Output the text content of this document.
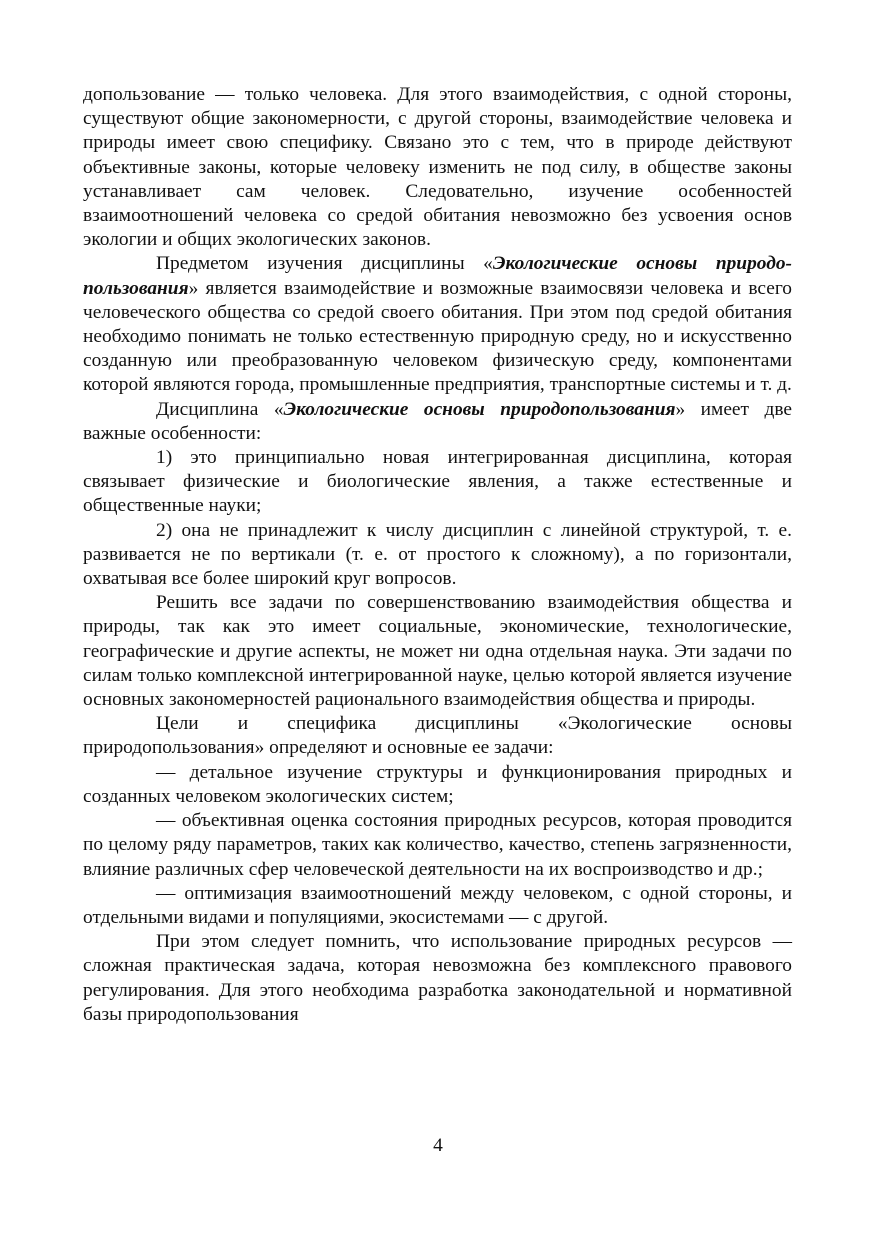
допользование — только человека. Для этого взаимодействия, с одной стороны, существуют общие закономерности, с другой стороны, взаимодействие человека и природы имеет свою специфику. Связано это с тем, что в природе действуют объективные законы, которые человеку изменить не под силу, в обществе законы устанавливает сам человек. Следовательно, изучение особенностей взаимоотношений человека со средой обитания невозможно без усвоения основ экологии и общих экологических законов.

Предметом изучения дисциплины «Экологические основы природопользования» является взаимодействие и возможные взаимосвязи человека и всего человеческого общества со средой своего обитания. При этом под средой обитания необходимо понимать не только естественную природную среду, но и искусственно созданную или преобразованную человеком физическую среду, компонентами которой являются города, промышленные предприятия, транспортные системы и т. д.

Дисциплина «Экологические основы природопользования» имеет две важные особенности:

1) это принципиально новая интегрированная дисциплина, которая связывает физические и биологические явления, а также естественные и общественные науки;

2) она не принадлежит к числу дисциплин с линейной структурой, т. е. развивается не по вертикали (т. е. от простого к сложному), а по горизонтали, охватывая все более широкий круг вопросов.

Решить все задачи по совершенствованию взаимодействия общества и природы, так как это имеет социальные, экономические, технологические, географические и другие аспекты, не может ни одна отдельная наука. Эти задачи по силам только комплексной интегрированной науке, целью которой является изучение основных закономерностей рационального взаимодействия общества и природы.

Цели и специфика дисциплины «Экологические основы природопользования» определяют и основные ее задачи:

— детальное изучение структуры и функционирования природных и созданных человеком экологических систем;

— объективная оценка состояния природных ресурсов, которая проводится по целому ряду параметров, таких как количество, качество, степень загрязненности, влияние различных сфер человеческой деятельности на их воспроизводство и др.;

— оптимизация взаимоотношений между человеком, с одной стороны, и отдельными видами и популяциями, экосистемами — с другой.

При этом следует помнить, что использование природных ресурсов — сложная практическая задача, которая невозможна без комплексного правового регулирования. Для этого необходима разработка законодательной и нормативной базы природопользования

4
